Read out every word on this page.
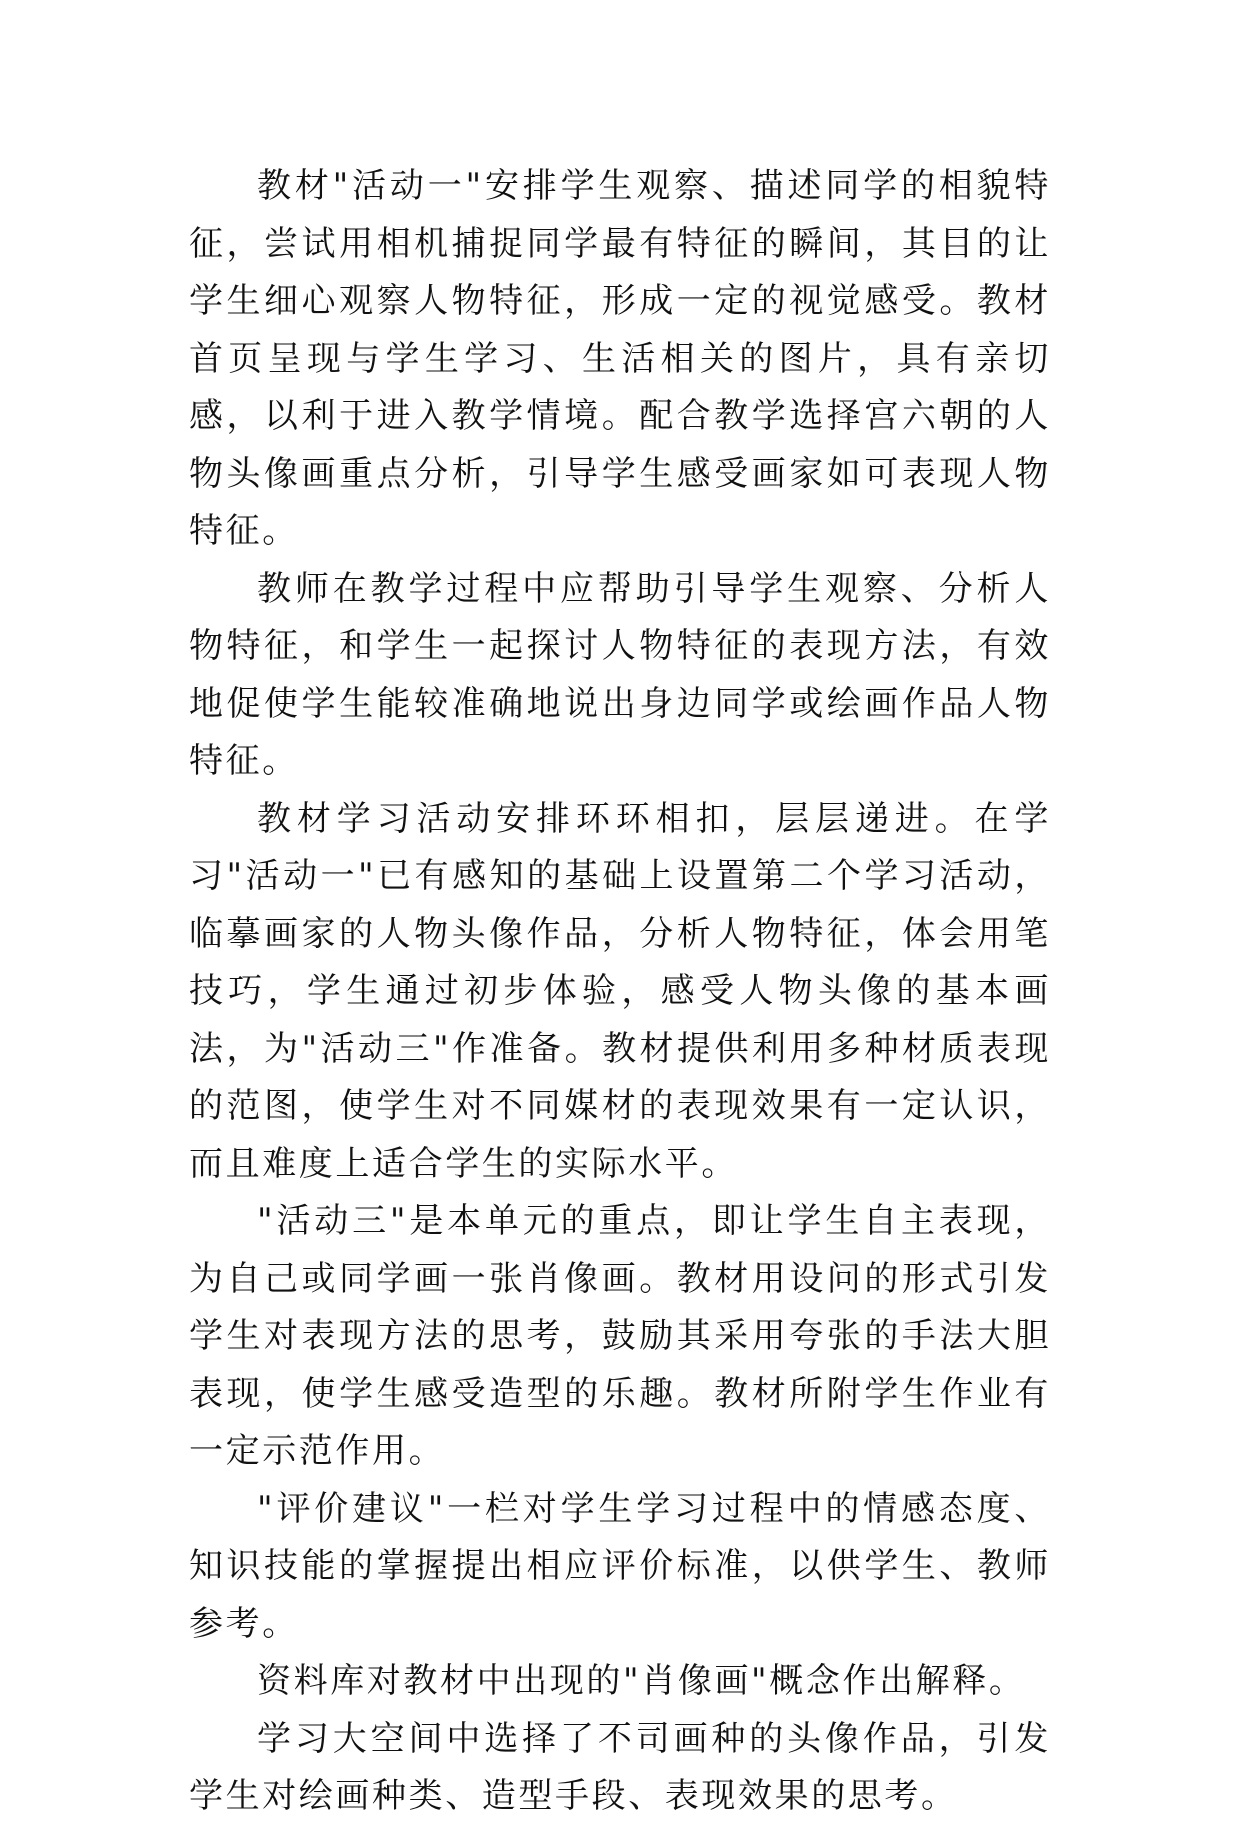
教材"活动一"安排学生观察、描述同学的相貌特征，尝试用相机捕捉同学最有特征的瞬间，其目的让学生细心观察人物特征，形成一定的视觉感受。教材首页呈现与学生学习、生活相关的图片，具有亲切感，以利于进入教学情境。配合教学选择宫六朝的人物头像画重点分析，引导学生感受画家如可表现人物特征。

教师在教学过程中应帮助引导学生观察、分析人物特征，和学生一起探讨人物特征的表现方法，有效地促使学生能较准确地说出身边同学或绘画作品人物特征。

教材学习活动安排环环相扣，层层递进。在学习"活动一"已有感知的基础上设置第二个学习活动，临摹画家的人物头像作品，分析人物特征，体会用笔技巧，学生通过初步体验，感受人物头像的基本画法，为"活动三"作准备。教材提供利用多种材质表现的范图，使学生对不同媒材的表现效果有一定认识，而且难度上适合学生的实际水平。

"活动三"是本单元的重点，即让学生自主表现，为自己或同学画一张肖像画。教材用设问的形式引发学生对表现方法的思考，鼓励其采用夸张的手法大胆表现，使学生感受造型的乐趣。教材所附学生作业有一定示范作用。

"评价建议"一栏对学生学习过程中的情感态度、知识技能的掌握提出相应评价标准，以供学生、教师参考。

资料库对教材中出现的"肖像画"概念作出解释。

学习大空间中选择了不司画种的头像作品，引发学生对绘画种类、造型手段、表现效果的思考。
